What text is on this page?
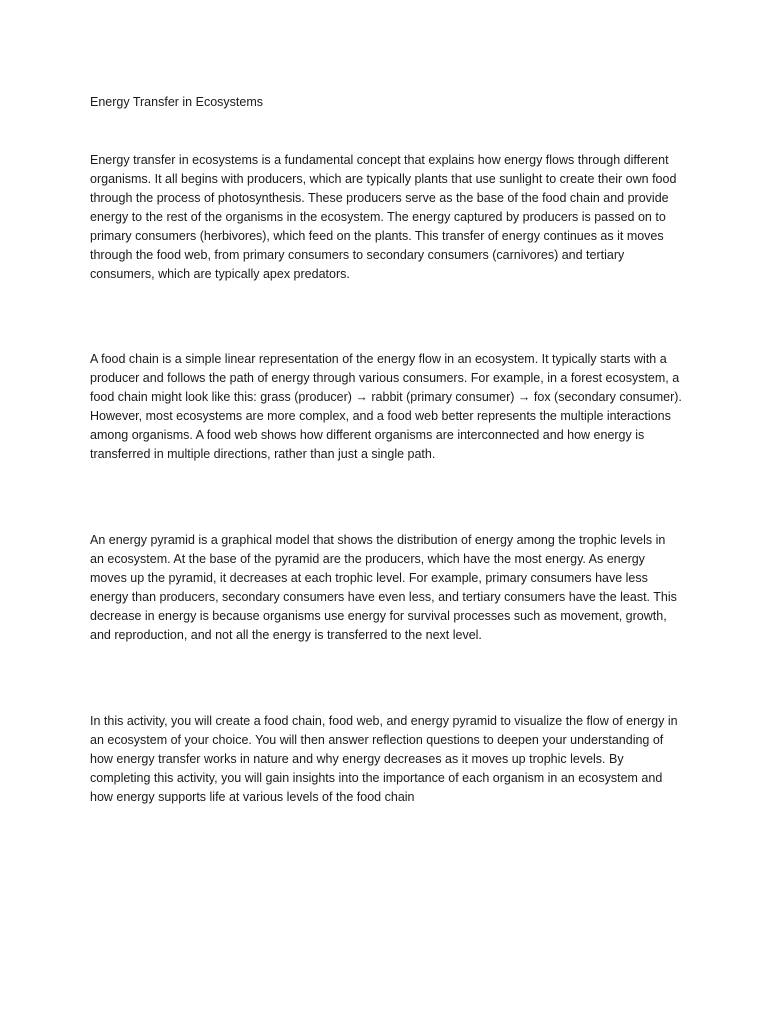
Energy Transfer in Ecosystems

Energy transfer in ecosystems is a fundamental concept that explains how energy flows through different organisms. It all begins with producers, which are typically plants that use sunlight to create their own food through the process of photosynthesis. These producers serve as the base of the food chain and provide energy to the rest of the organisms in the ecosystem. The energy captured by producers is passed on to primary consumers (herbivores), which feed on the plants. This transfer of energy continues as it moves through the food web, from primary consumers to secondary consumers (carnivores) and tertiary consumers, which are typically apex predators.

A food chain is a simple linear representation of the energy flow in an ecosystem. It typically starts with a producer and follows the path of energy through various consumers. For example, in a forest ecosystem, a food chain might look like this: grass (producer) → rabbit (primary consumer) → fox (secondary consumer). However, most ecosystems are more complex, and a food web better represents the multiple interactions among organisms. A food web shows how different organisms are interconnected and how energy is transferred in multiple directions, rather than just a single path.

An energy pyramid is a graphical model that shows the distribution of energy among the trophic levels in an ecosystem. At the base of the pyramid are the producers, which have the most energy. As energy moves up the pyramid, it decreases at each trophic level. For example, primary consumers have less energy than producers, secondary consumers have even less, and tertiary consumers have the least. This decrease in energy is because organisms use energy for survival processes such as movement, growth, and reproduction, and not all the energy is transferred to the next level.

In this activity, you will create a food chain, food web, and energy pyramid to visualize the flow of energy in an ecosystem of your choice. You will then answer reflection questions to deepen your understanding of how energy transfer works in nature and why energy decreases as it moves up trophic levels. By completing this activity, you will gain insights into the importance of each organism in an ecosystem and how energy supports life at various levels of the food chain
